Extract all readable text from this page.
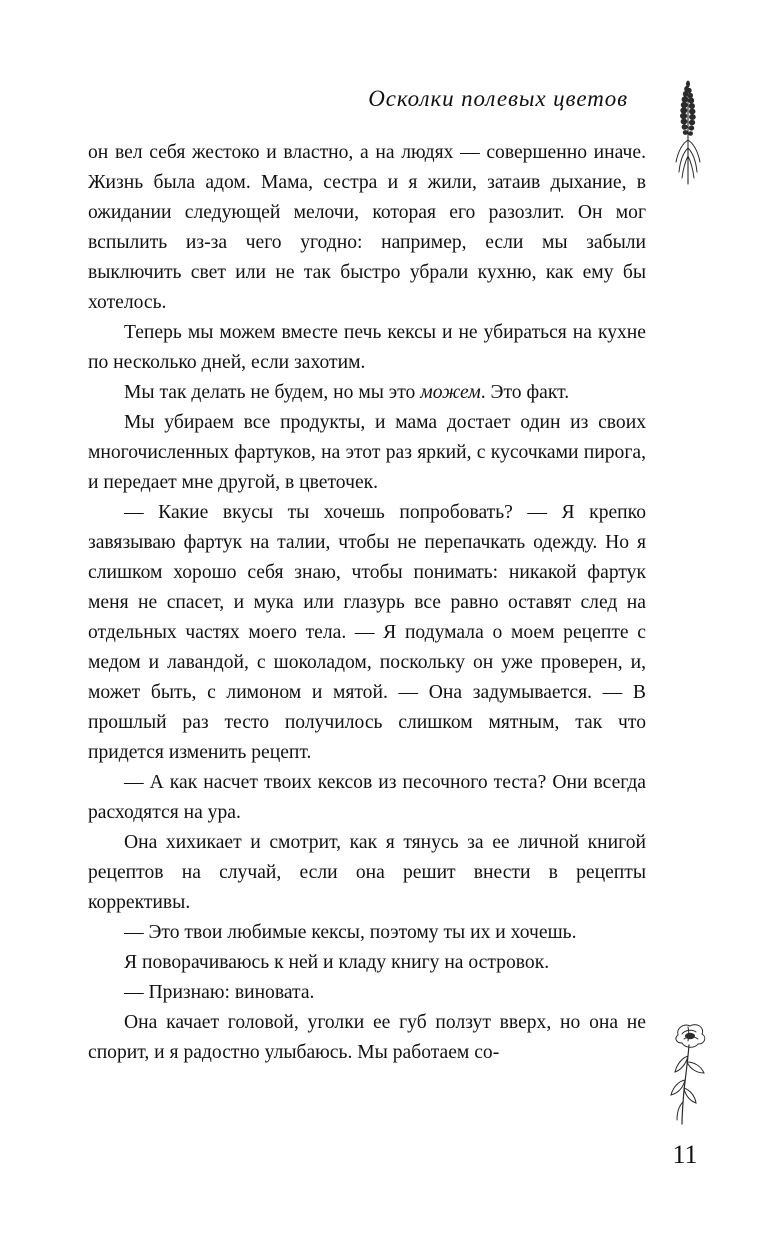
Осколки полевых цветов

он вел себя жестоко и властно, а на людях — совершенно иначе. Жизнь была адом. Мама, сестра и я жили, затаив дыхание, в ожидании следующей мелочи, которая его разозлит. Он мог вспылить из-за чего угодно: например, если мы забыли выключить свет или не так быстро убрали кухню, как ему бы хотелось.

Теперь мы можем вместе печь кексы и не убираться на кухне по несколько дней, если захотим.

Мы так делать не будем, но мы это можем. Это факт.

Мы убираем все продукты, и мама достает один из своих многочисленных фартуков, на этот раз яркий, с кусочками пирога, и передает мне другой, в цветочек.

— Какие вкусы ты хочешь попробовать? — Я крепко завязываю фартук на талии, чтобы не перепачкать одежду. Но я слишком хорошо себя знаю, чтобы понимать: никакой фартук меня не спасет, и мука или глазурь все равно оставят след на отдельных частях моего тела. — Я подумала о моем рецепте с медом и лавандой, с шоколадом, поскольку он уже проверен, и, может быть, с лимоном и мятой. — Она задумывается. — В прошлый раз тесто получилось слишком мятным, так что придется изменить рецепт.

— А как насчет твоих кексов из песочного теста? Они всегда расходятся на ура.

Она хихикает и смотрит, как я тянусь за ее личной книгой рецептов на случай, если она решит внести в рецепты коррективы.

— Это твои любимые кексы, поэтому ты их и хочешь.

Я поворачиваюсь к ней и кладу книгу на островок.

— Признаю: виновата.

Она качает головой, уголки ее губ ползут вверх, но она не спорит, и я радостно улыбаюсь. Мы работаем со-

11
